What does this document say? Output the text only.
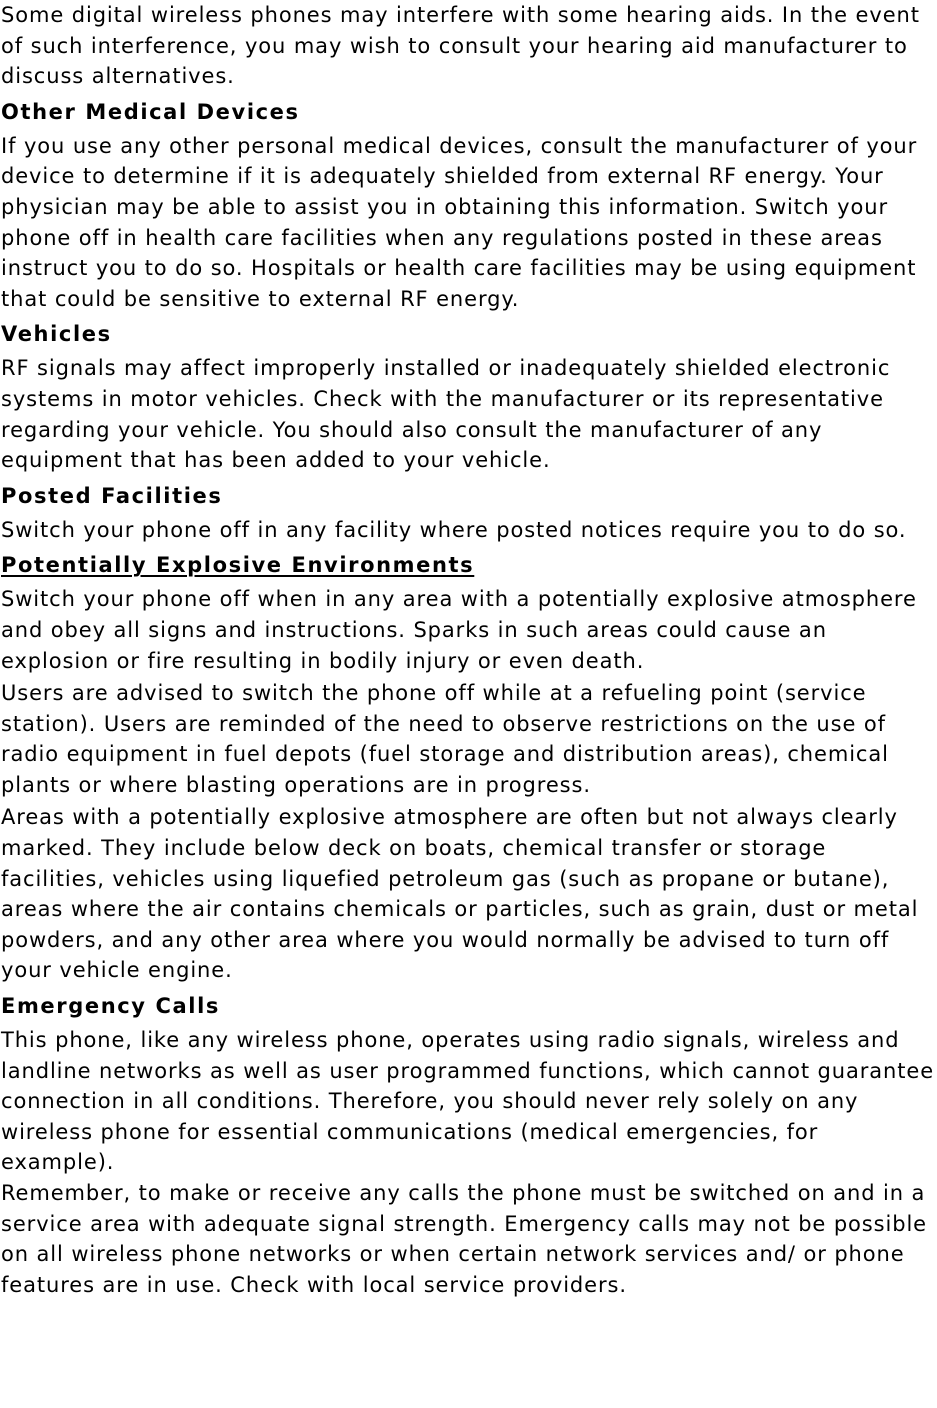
Some digital wireless phones may interfere with some hearing aids. In the event of such interference, you may wish to consult your hearing aid manufacturer to discuss alternatives.

Other Medical Devices

If you use any other personal medical devices, consult the manufacturer of your device to determine if it is adequately shielded from external RF energy. Your physician may be able to assist you in obtaining this information. Switch your phone off in health care facilities when any regulations posted in these areas instruct you to do so. Hospitals or health care facilities may be using equipment that could be sensitive to external RF energy.

Vehicles

RF signals may affect improperly installed or inadequately shielded electronic systems in motor vehicles. Check with the manufacturer or its representative regarding your vehicle. You should also consult the manufacturer of any equipment that has been added to your vehicle.

Posted Facilities

Switch your phone off in any facility where posted notices require you to do so.

Potentially Explosive Environments

Switch your phone off when in any area with a potentially explosive atmosphere and obey all signs and instructions. Sparks in such areas could cause an explosion or fire resulting in bodily injury or even death.

Users are advised to switch the phone off while at a refueling point (service station). Users are reminded of the need to observe restrictions on the use of radio equipment in fuel depots (fuel storage and distribution areas), chemical plants or where blasting operations are in progress.

Areas with a potentially explosive atmosphere are often but not always clearly marked. They include below deck on boats, chemical transfer or storage facilities, vehicles using liquefied petroleum gas (such as propane or butane), areas where the air contains chemicals or particles, such as grain, dust or metal powders, and any other area where you would normally be advised to turn off your vehicle engine.

Emergency Calls

This phone, like any wireless phone, operates using radio signals, wireless and landline networks as well as user programmed functions, which cannot guarantee connection in all conditions. Therefore, you should never rely solely on any wireless phone for essential communications (medical emergencies, for example).

Remember, to make or receive any calls the phone must be switched on and in a service area with adequate signal strength. Emergency calls may not be possible on all wireless phone networks or when certain network services and/ or phone features are in use. Check with local service providers.
